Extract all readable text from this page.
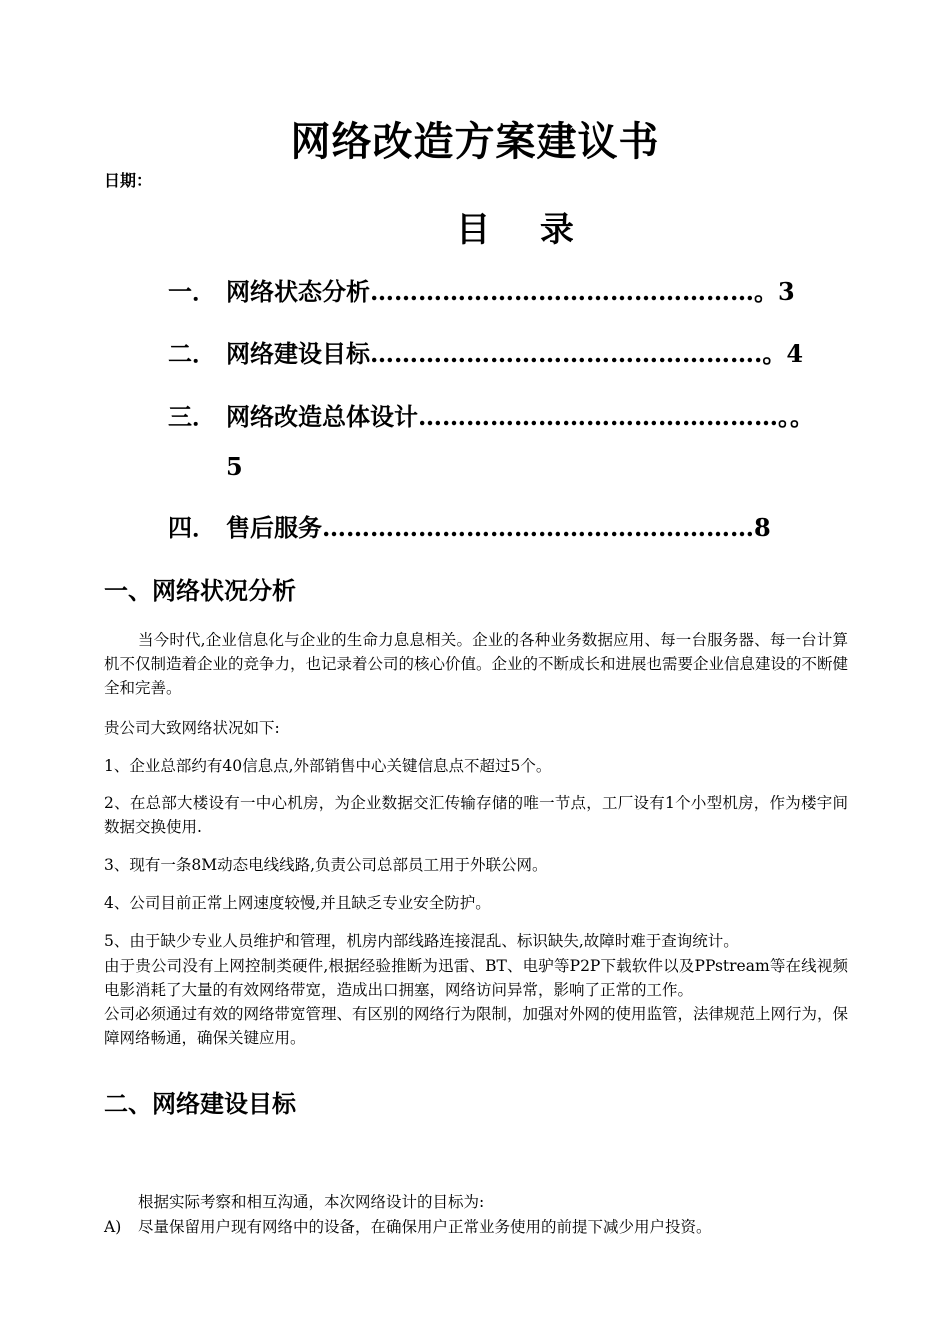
网络改造方案建议书
日期：
目 录
一． 网络状态分析…………………………………………。3
二． 网络建设目标………………………………………….。4
三． 网络改造总体设计………………………………………。。
5
四． 售后服务………………………………………………8
一、网络状况分析
当今时代,企业信息化与企业的生命力息息相关。企业的各种业务数据应用、每一台服务器、每一台计算机不仅制造着企业的竞争力，也记录着公司的核心价值。企业的不断成长和进展也需要企业信息建设的不断健全和完善。
贵公司大致网络状况如下:
1、企业总部约有40信息点,外部销售中心关键信息点不超过5个。
2、在总部大楼设有一中心机房，为企业数据交汇传输存储的唯一节点，工厂设有1个小型机房，作为楼宇间数据交换使用.
3、现有一条8M动态电线线路,负责公司总部员工用于外联公网。
4、公司目前正常上网速度较慢,并且缺乏专业安全防护。
5、由于缺少专业人员维护和管理，机房内部线路连接混乱、标识缺失,故障时难于查询统计。
由于贵公司没有上网控制类硬件,根据经验推断为迅雷、BT、电驴等P2P下载软件以及PPstream等在线视频电影消耗了大量的有效网络带宽，造成出口拥塞，网络访问异常，影响了正常的工作。
公司必须通过有效的网络带宽管理、有区别的网络行为限制，加强对外网的使用监管，法律规范上网行为，保障网络畅通，确保关键应用。
二、网络建设目标
根据实际考察和相互沟通，本次网络设计的目标为:
A) 尽量保留用户现有网络中的设备，在确保用户正常业务使用的前提下减少用户投资。
